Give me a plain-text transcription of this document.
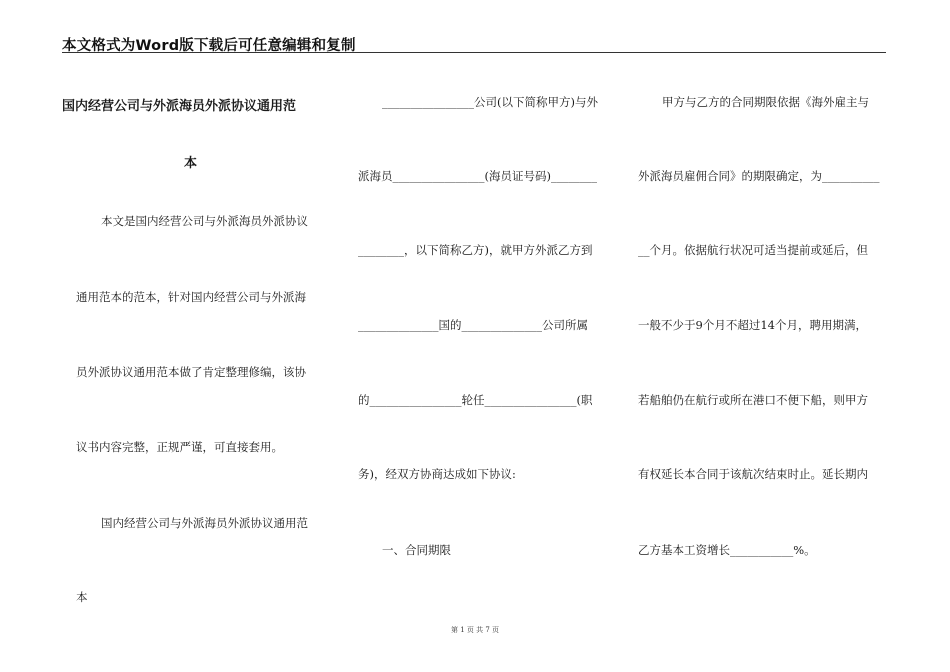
本文格式为Word版下载后可任意编辑和复制
国内经营公司与外派海员外派协议通用范
本
本文是国内经营公司与外派海员外派协议
通用范本的范本，针对国内经营公司与外派海
员外派协议通用范本做了肯定整理修编，该协
议书内容完整，正规严谨，可直接套用。
国内经营公司与外派海员外派协议通用范
本
________________公司(以下简称甲方)与外
派海员________________(海员证号码)________
________，以下简称乙方)，就甲方外派乙方到
______________国的______________公司所属
的________________轮任________________(职
务)，经双方协商达成如下协议:
一、合同期限
甲方与乙方的合同期限依据《海外雇主与
外派海员雇佣合同》的期限确定，为__________
__个月。依据航行状况可适当提前或延后，但
一般不少于9个月不超过14个月，聘用期满，
若船舶仍在航行或所在港口不便下船，则甲方
有权延长本合同于该航次结束时止。延长期内
乙方基本工资增长___________%。
第 1 页 共 7 页
